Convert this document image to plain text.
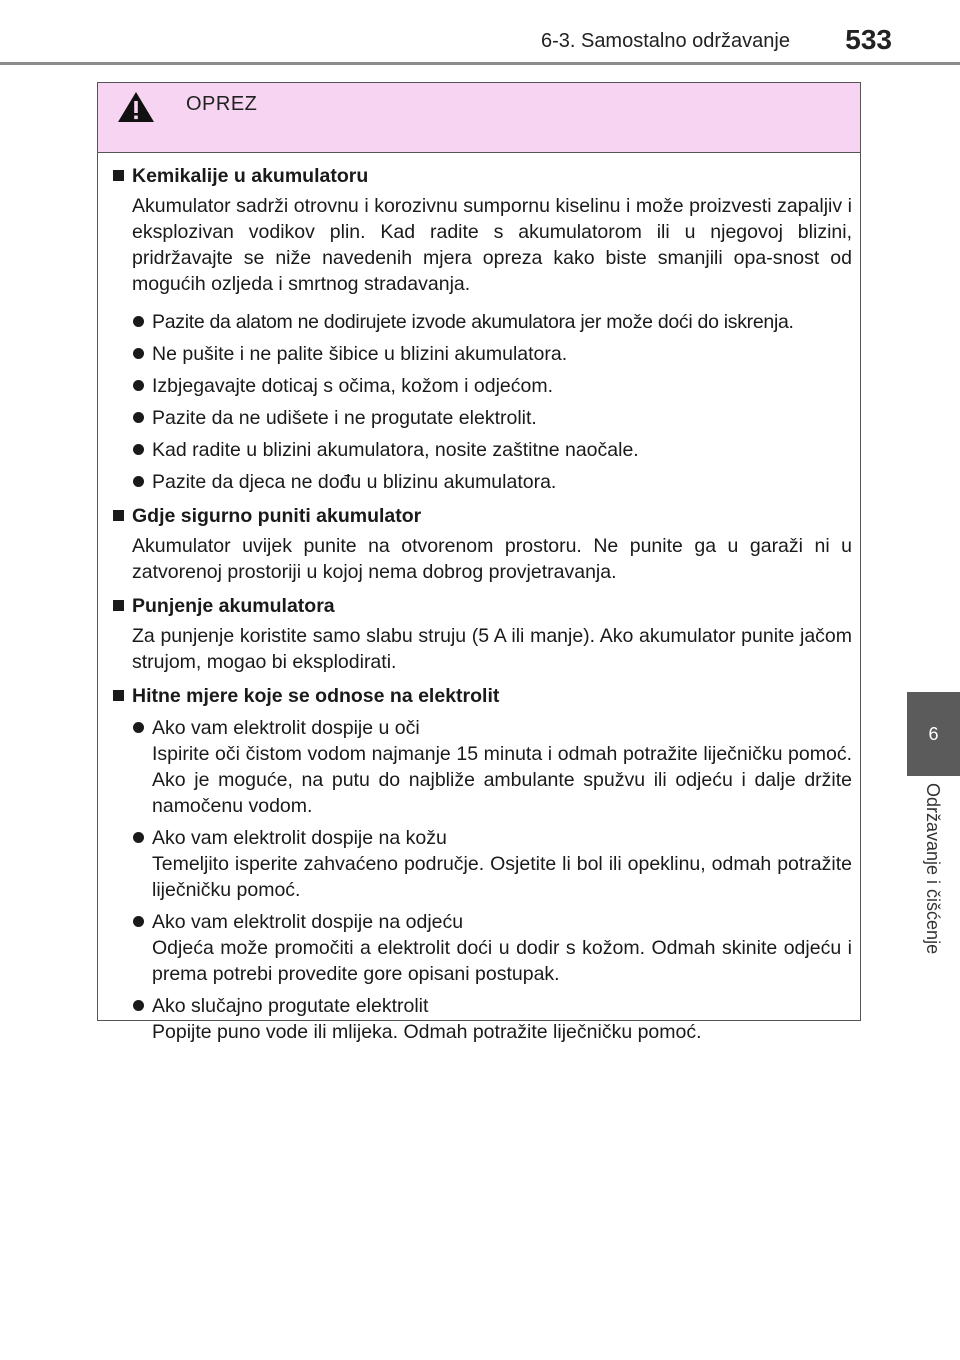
6-3. Samostalno održavanje 533
6
Održavanje i čišćenje
OPREZ
Kemikalije u akumulatoru
Akumulator sadrži otrovnu i korozivnu sumpornu kiselinu i može proizvesti zapaljiv i eksplozivan vodikov plin. Kad radite s akumulatorom ili u njegovoj blizini, pridržavajte se niže navedenih mjera opreza kako biste smanjili opa-snost od mogućih ozljeda i smrtnog stradavanja.
Pazite da alatom ne dodirujete izvode akumulatora jer može doći do iskrenja.
Ne pušite i ne palite šibice u blizini akumulatora.
Izbjegavajte doticaj s očima, kožom i odjećom.
Pazite da ne udišete i ne progutate elektrolit.
Kad radite u blizini akumulatora, nosite zaštitne naočale.
Pazite da djeca ne dođu u blizinu akumulatora.
Gdje sigurno puniti akumulator
Akumulator uvijek punite na otvorenom prostoru. Ne punite ga u garaži ni u zatvorenoj prostoriji u kojoj nema dobrog provjetravanja.
Punjenje akumulatora
Za punjenje koristite samo slabu struju (5 A ili manje). Ako akumulator punite jačom strujom, mogao bi eksplodirati.
Hitne mjere koje se odnose na elektrolit
Ako vam elektrolit dospije u oči
Ispirite oči čistom vodom najmanje 15 minuta i odmah potražite liječničku pomoć. Ako je moguće, na putu do najbliže ambulante spužvu ili odjeću i dalje držite namočenu vodom.
Ako vam elektrolit dospije na kožu
Temeljito isperite zahvaćeno područje. Osjetite li bol ili opeklinu, odmah potražite liječničku pomoć.
Ako vam elektrolit dospije na odjeću
Odjeća može promočiti a elektrolit doći u dodir s kožom. Odmah skinite odjeću i prema potrebi provedite gore opisani postupak.
Ako slučajno progutate elektrolit
Popijte puno vode ili mlijeka. Odmah potražite liječničku pomoć.
